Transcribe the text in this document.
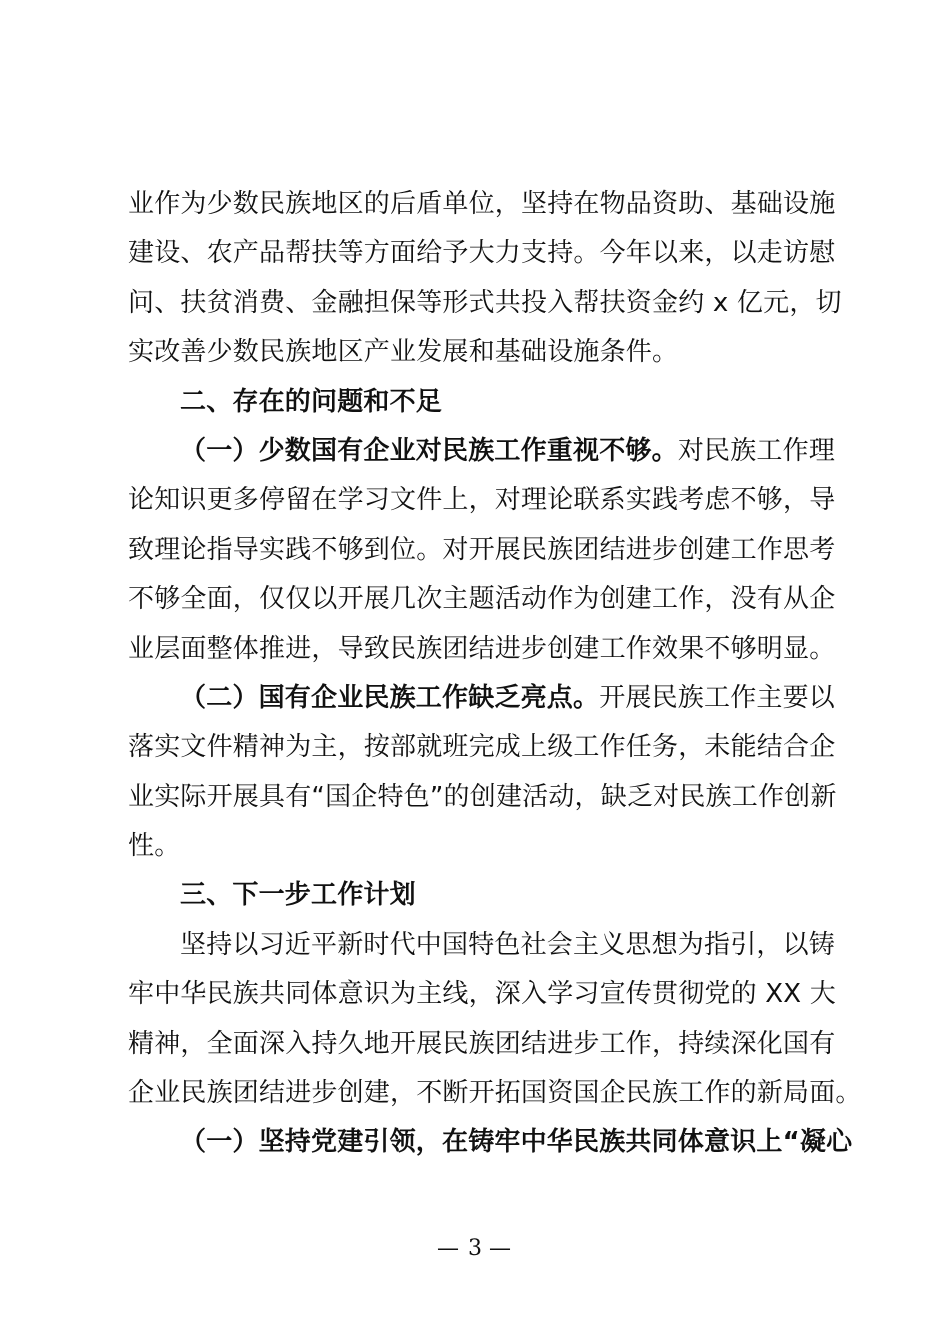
业作为少数民族地区的后盾单位，坚持在物品资助、基础设施
建设、农产品帮扶等方面给予大力支持。今年以来，以走访慰
问、扶贫消费、金融担保等形式共投入帮扶资金约 x 亿元，切
实改善少数民族地区产业发展和基础设施条件。
二、存在的问题和不足
（一）少数国有企业对民族工作重视不够。对民族工作理
论知识更多停留在学习文件上，对理论联系实践考虑不够，导
致理论指导实践不够到位。对开展民族团结进步创建工作思考
不够全面，仅仅以开展几次主题活动作为创建工作，没有从企
业层面整体推进，导致民族团结进步创建工作效果不够明显。
（二）国有企业民族工作缺乏亮点。开展民族工作主要以
落实文件精神为主，按部就班完成上级工作任务，未能结合企
业实际开展具有“国企特色”的创建活动，缺乏对民族工作创新
性。
三、下一步工作计划
坚持以习近平新时代中国特色社会主义思想为指引，以铸
牢中华民族共同体意识为主线，深入学习宣传贯彻党的 XX 大
精神，全面深入持久地开展民族团结进步工作，持续深化国有
企业民族团结进步创建，不断开拓国资国企民族工作的新局面。
（一）坚持党建引领，在铸牢中华民族共同体意识上“凝心
— 3 —
